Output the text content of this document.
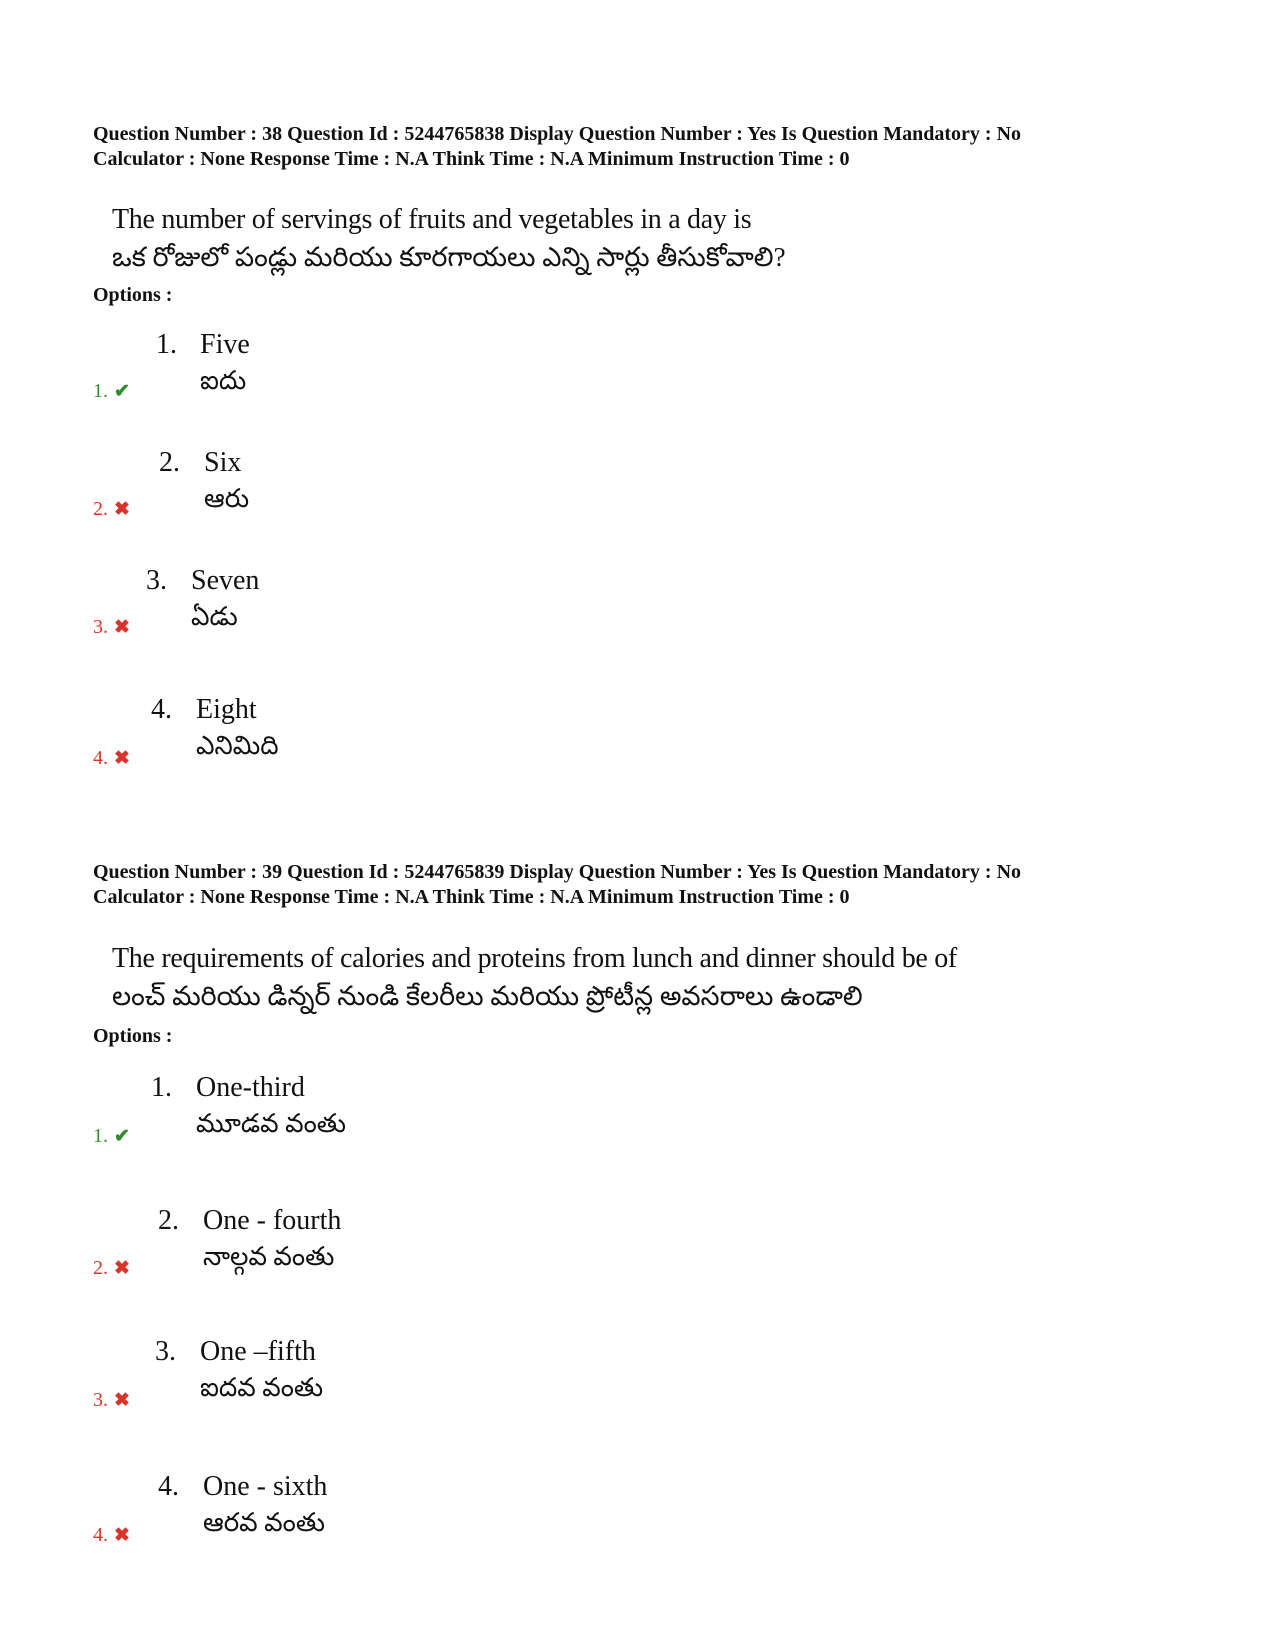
Question Number : 38 Question Id : 5244765838 Display Question Number : Yes Is Question Mandatory : No
Calculator : None Response Time : N.A Think Time : N.A Minimum Instruction Time : 0
The number of servings of fruits and vegetables in a day is
ఒక రోజులో పండ్లు మరియు కూరగాయలు ఎన్ని సార్లు తీసుకోవాలి?
Options :
1. Five
ఐదు
1. ✔
2. Six
ఆరు
2. ✖
3. Seven
ఏడు
3. ✖
4. Eight
ఎనిమిది
4. ✖
Question Number : 39 Question Id : 5244765839 Display Question Number : Yes Is Question Mandatory : No
Calculator : None Response Time : N.A Think Time : N.A Minimum Instruction Time : 0
The requirements of calories and proteins from lunch and dinner should be of
లంచ్ మరియు డిన్నర్ నుండి కేలరీలు మరియు ప్రోటీన్ల అవసరాలు ఉండాలి
Options :
1. One-third
మూడవ వంతు
1. ✔
2. One - fourth
నాల్గవ వంతు
2. ✖
3. One –fifth
ఐదవ వంతు
3. ✖
4. One - sixth
ఆరవ వంతు
4. ✖
